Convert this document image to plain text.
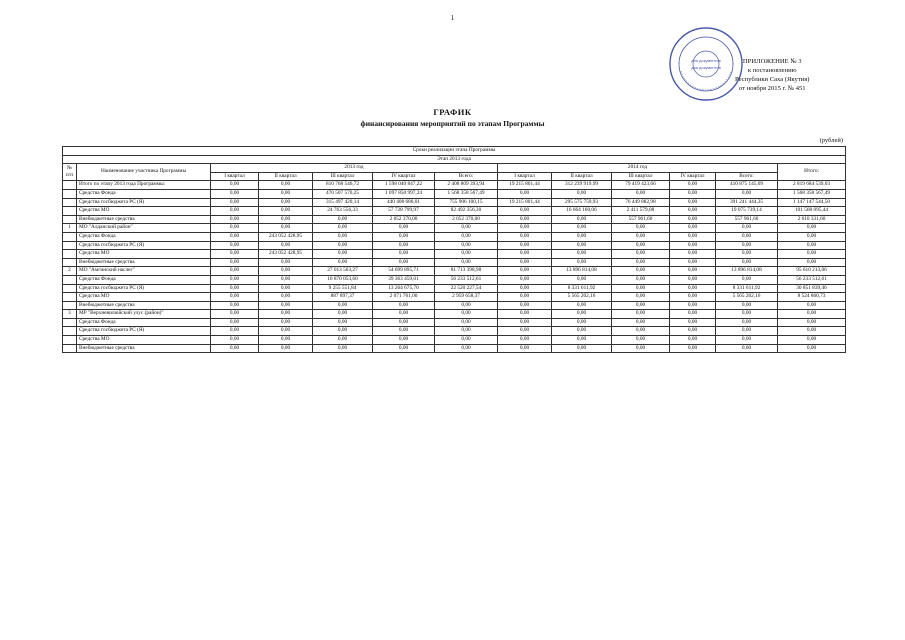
1
для документов
для документов
ПРИЛОЖЕНИЕ № 3
к постановлению
Республики Саха (Якутия)
от ноября 2015 г. № 451
ГРАФИК
финансирования мероприятий по этапам Программы
(рублей)
Сроки реализации этапа Программы												
Этап 2013 года												
№ п/п	Наименование участника Программы	2013 год					2014 год					Итого:
		I квартал	II квартал	III квартал	IV квартал	Всего:	I квартал	II квартал	III квартал	IV квартал	Всего:	
	Итого по этапу 2013 года Программы:	0,00	0,00	810 768 546,72	1 598 040 847,22	2 408 809 393,94	19 215 801,44	312 239 919,99	79 419 423,66	0,00	410 875 145,09	2 819 684 539,03
	Средства Фонда	0,00	0,00	470 507 570,25	1 097 850 997,24	1 568 358 567,49	0,00	0,00	0,00	0,00	0,00	1 568 358 567,49
	Средства госбюджета РС (Я)	0,00	0,00	315 497 420,14	440 408 680,01	755 906 100,15	19 215 801,44	295 575 759,93	76 449 882,98	0,00	391 241 444,35	1 147 147 544,50
	Средства МО	0,00	0,00	24 763 556,33	57 728 799,97	82 492 356,30	0,00	16 664 160,06	2 411 579,08	0,00	19 075 739,14	101 568 095,44
	Внебюджетные средства	0,00	0,00	0,00	2 052 370,00	2 052 370,00	0,00	0,00	557 961,60	0,00	557 961,60	2 610 331,60
1	МО "Алданский район"	0,00	0,00	0,00	0,00	0,00	0,00	0,00	0,00	0,00	0,00	0,00
	Средства Фонда	0,00	243 052 428,95	0,00	0,00	0,00	0,00	0,00	0,00	0,00	0,00	0,00
	Средства госбюджета РС (Я)	0,00	0,00	0,00	0,00	0,00	0,00	0,00	0,00	0,00	0,00	0,00
	Средства МО	0,00	243 052 428,95	0,00	0,00	0,00	0,00	0,00	0,00	0,00	0,00	0,00
	Внебюджетные средства	0,00	0,00	0,00	0,00	0,00	0,00	0,00	0,00	0,00	0,00	0,00
2	МО "Амгинский наслег"	0,00	0,00	27 013 503,27	54 699 895,71	81 713 398,98	0,00	13 896 814,08	0,00	0,00	13 896 814,08	95 610 213,06
	Средства Фонда	0,00	0,00	16 870 053,60	39 363 459,01	56 233 512,61	0,00	0,00	0,00	0,00	0,00	56 233 512,61
	Средства госбюджета РС (Я)	0,00	0,00	9 255 551,84	13 264 675,70	22 520 227,54	0,00	8 331 611,92	0,00	0,00	8 331 611,92	30 851 839,46
	Средства МО	0,00	0,00	887 897,37	2 071 761,00	2 959 658,37	0,00	5 565 202,16	0,00	0,00	5 565 202,16	8 524 860,73
	Внебюджетные средства	0,00	0,00	0,00	0,00	0,00	0,00	0,00	0,00	0,00	0,00	0,00
3	МР "Верхневилюйский улус (район)"	0,00	0,00	0,00	0,00	0,00	0,00	0,00	0,00	0,00	0,00	0,00
	Средства Фонда	0,00	0,00	0,00	0,00	0,00	0,00	0,00	0,00	0,00	0,00	0,00
	Средства госбюджета РС (Я)	0,00	0,00	0,00	0,00	0,00	0,00	0,00	0,00	0,00	0,00	0,00
	Средства МО	0,00	0,00	0,00	0,00	0,00	0,00	0,00	0,00	0,00	0,00	0,00
	Внебюджетные средства	0,00	0,00	0,00	0,00	0,00	0,00	0,00	0,00	0,00	0,00	0,00
